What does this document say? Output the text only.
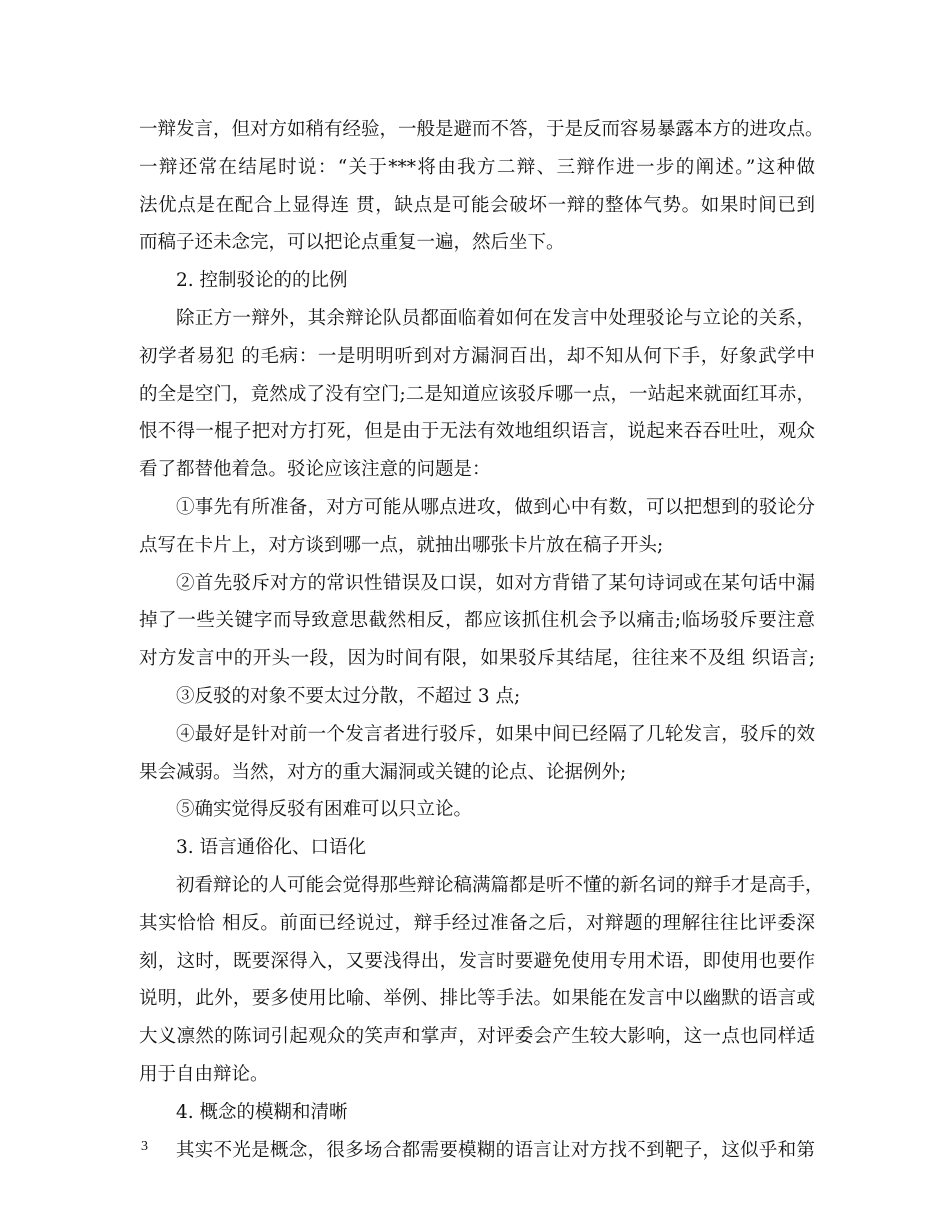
一辩发言，但对方如稍有经验，一般是避而不答，于是反而容易暴露本方的进攻点。
一辩还常在结尾时说：“关于***将由我方二辩、三辩作进一步的阐述。”这种做
法优点是在配合上显得连 贯，缺点是可能会破坏一辩的整体气势。如果时间已到
而稿子还未念完，可以把论点重复一遍，然后坐下。
2. 控制驳论的的比例
除正方一辩外，其余辩论队员都面临着如何在发言中处理驳论与立论的关系，
初学者易犯 的毛病：一是明明听到对方漏洞百出，却不知从何下手，好象武学中
的全是空门，竟然成了没有空门;二是知道应该驳斥哪一点，一站起来就面红耳赤，
恨不得一棍子把对方打死，但是由于无法有效地组织语言，说起来吞吞吐吐，观众
看了都替他着急。驳论应该注意的问题是：
①事先有所准备，对方可能从哪点进攻，做到心中有数，可以把想到的驳论分
点写在卡片上，对方谈到哪一点，就抽出哪张卡片放在稿子开头;
②首先驳斥对方的常识性错误及口误，如对方背错了某句诗词或在某句话中漏
掉了一些关键字而导致意思截然相反，都应该抓住机会予以痛击;临场驳斥要注意
对方发言中的开头一段，因为时间有限，如果驳斥其结尾，往往来不及组 织语言;
③反驳的对象不要太过分散，不超过 3 点;
④最好是针对前一个发言者进行驳斥，如果中间已经隔了几轮发言，驳斥的效
果会减弱。当然，对方的重大漏洞或关键的论点、论据例外;
⑤确实觉得反驳有困难可以只立论。
3. 语言通俗化、口语化
初看辩论的人可能会觉得那些辩论稿满篇都是听不懂的新名词的辩手才是高手，
其实恰恰 相反。前面已经说过，辩手经过准备之后，对辩题的理解往往比评委深
刻，这时，既要深得入，又要浅得出，发言时要避免使用专用术语，即使用也要作
说明，此外，要多使用比喻、举例、排比等手法。如果能在发言中以幽默的语言或
大义凛然的陈词引起观众的笑声和掌声，对评委会产生较大影响，这一点也同样适
用于自由辩论。
4. 概念的模糊和清晰
其实不光是概念，很多场合都需要模糊的语言让对方找不到靶子，这似乎和第
3
